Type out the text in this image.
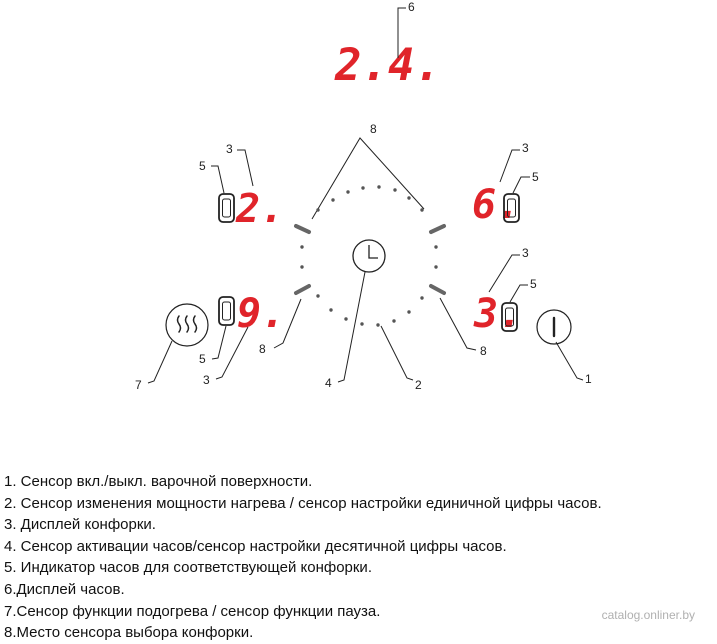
2.4.
6
8
8	8
2
4
2.
5
3
6.
3
5
3.
3
5
1
7
9.
5
3
1. Сенсор вкл./выкл. варочной поверхности.
2. Сенсор изменения мощности нагрева / сенсор настройки единичной цифры часов.
3. Дисплей конфорки.
4. Сенсор активации часов/сенсор настройки десятичной цифры часов.
5. Индикатор часов для соответствующей конфорки.
6.Дисплей часов.
7.Сенсор функции подогрева / сенсор функции пауза.
8.Место сенсора выбора конфорки.
catalog.onliner.by
